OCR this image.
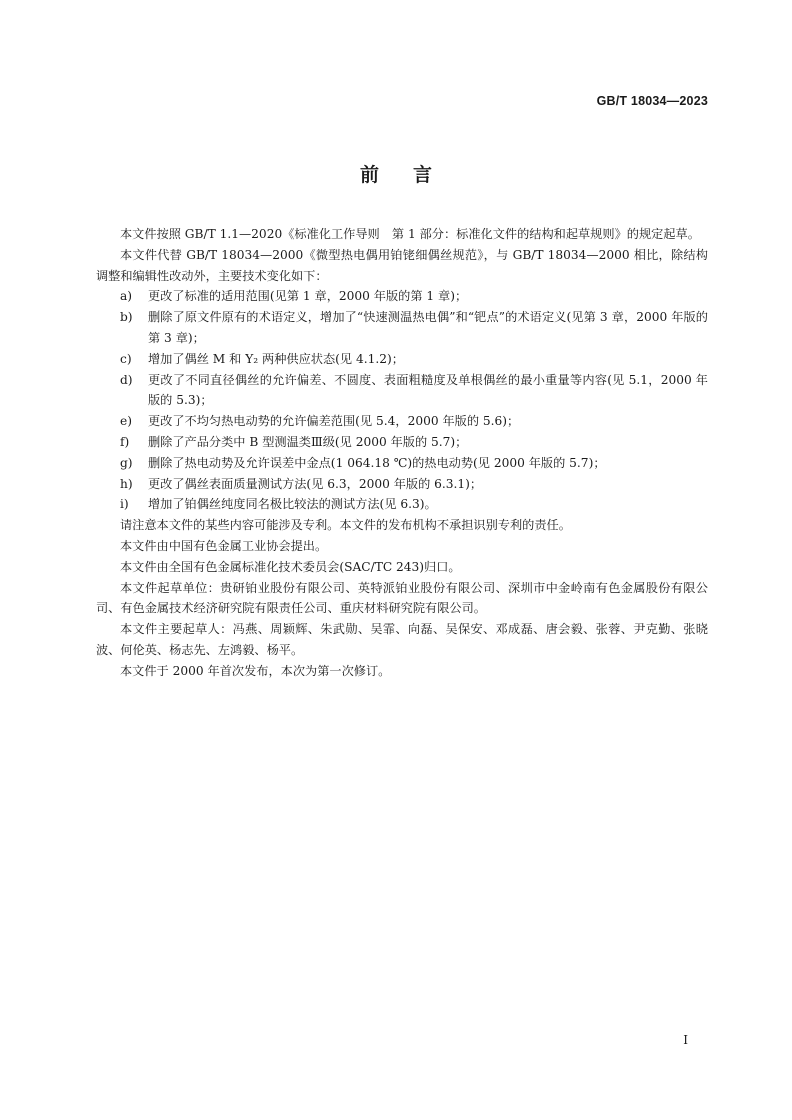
GB/T 18034—2023
前言

本文件按照 GB/T 1.1—2020《标准化工作导则　第 1 部分：标准化文件的结构和起草规则》的规定起草。

本文件代替 GB/T 18034—2000《微型热电偶用铂铑细偶丝规范》，与 GB/T 18034—2000 相比，除结构调整和编辑性改动外，主要技术变化如下：

a)	更改了标准的适用范围(见第 1 章，2000 年版的第 1 章)；
b)	删除了原文件原有的术语定义，增加了“快速测温热电偶”和“钯点”的术语定义(见第 3 章，2000 年版的第 3 章)；
c)	增加了偶丝 M 和 Y₂ 两种供应状态(见 4.1.2)；
d)	更改了不同直径偶丝的允许偏差、不圆度、表面粗糙度及单根偶丝的最小重量等内容(见 5.1，2000 年版的 5.3)；
e)	更改了不均匀热电动势的允许偏差范围(见 5.4，2000 年版的 5.6)；
f)	删除了产品分类中 B 型测温类Ⅲ级(见 2000 年版的 5.7)；
g)	删除了热电动势及允许误差中金点(1 064.18 ℃)的热电动势(见 2000 年版的 5.7)；
h)	更改了偶丝表面质量测试方法(见 6.3，2000 年版的 6.3.1)；
i)	增加了铂偶丝纯度同名极比较法的测试方法(见 6.3)。

请注意本文件的某些内容可能涉及专利。本文件的发布机构不承担识别专利的责任。

本文件由中国有色金属工业协会提出。

本文件由全国有色金属标准化技术委员会(SAC/TC 243)归口。

本文件起草单位：贵研铂业股份有限公司、英特派铂业股份有限公司、深圳市中金岭南有色金属股份有限公司、有色金属技术经济研究院有限责任公司、重庆材料研究院有限公司。

本文件主要起草人：冯燕、周颖辉、朱武勋、吴霏、向磊、吴保安、邓成磊、唐会毅、张蓉、尹克勤、张晓波、何伦英、杨志先、左鸿毅、杨平。

本文件于 2000 年首次发布，本次为第一次修订。

I
